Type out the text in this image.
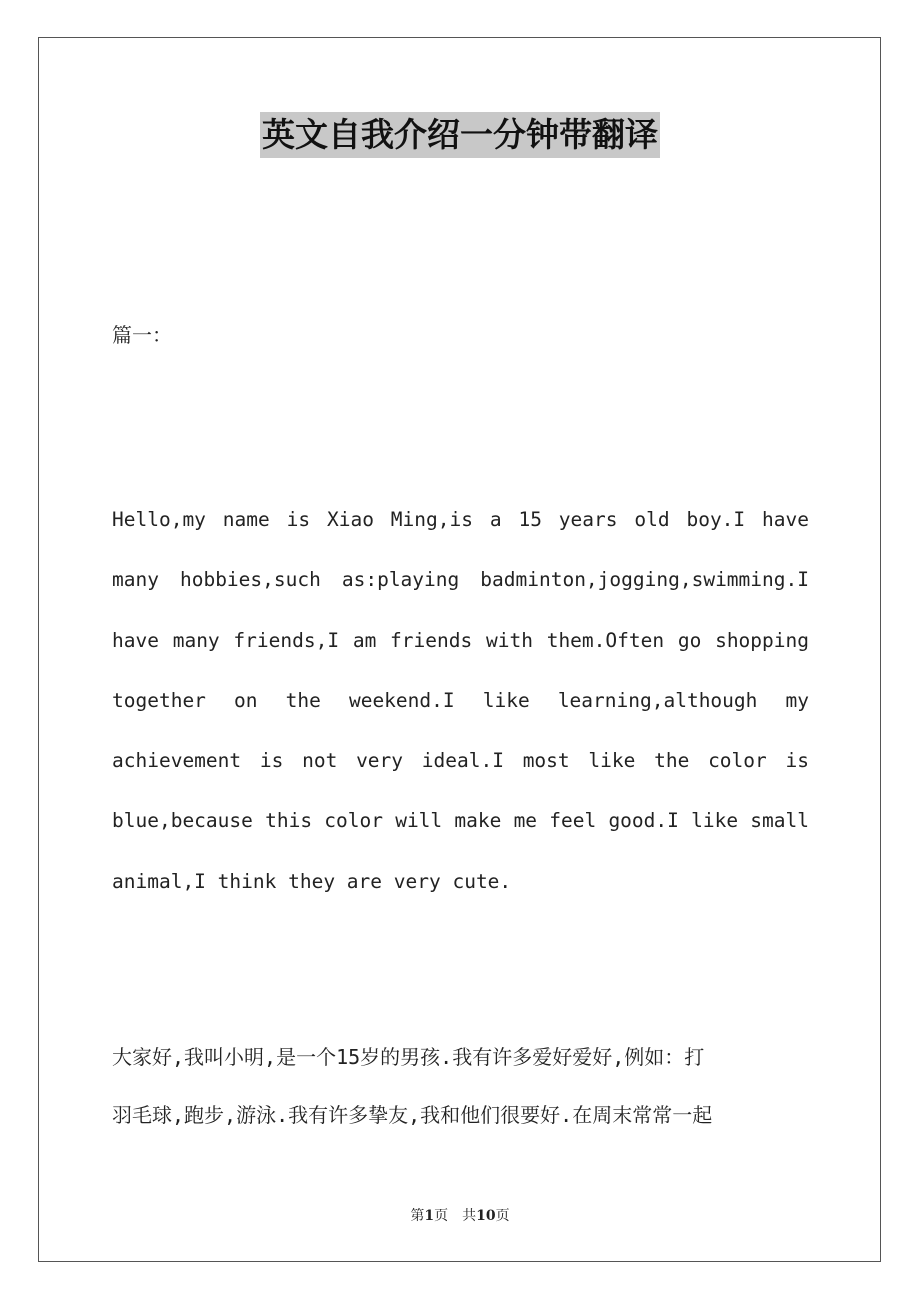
英文自我介绍一分钟带翻译
篇一：

Hello,my name is Xiao Ming,is a 15 years old boy.I have many hobbies,such as:playing badminton,jogging,swimming.I have many friends,I am friends with them.Often go shopping together on the weekend.I like learning,although my achievement is not very ideal.I most like the color is blue,because this color will make me feel good.I like small animal,I think they are very cute.

大家好,我叫小明,是一个15岁的男孩.我有许多爱好爱好,例如：打
羽毛球,跑步,游泳.我有许多挚友,我和他们很要好.在周末常常一起
第1页 共10页
